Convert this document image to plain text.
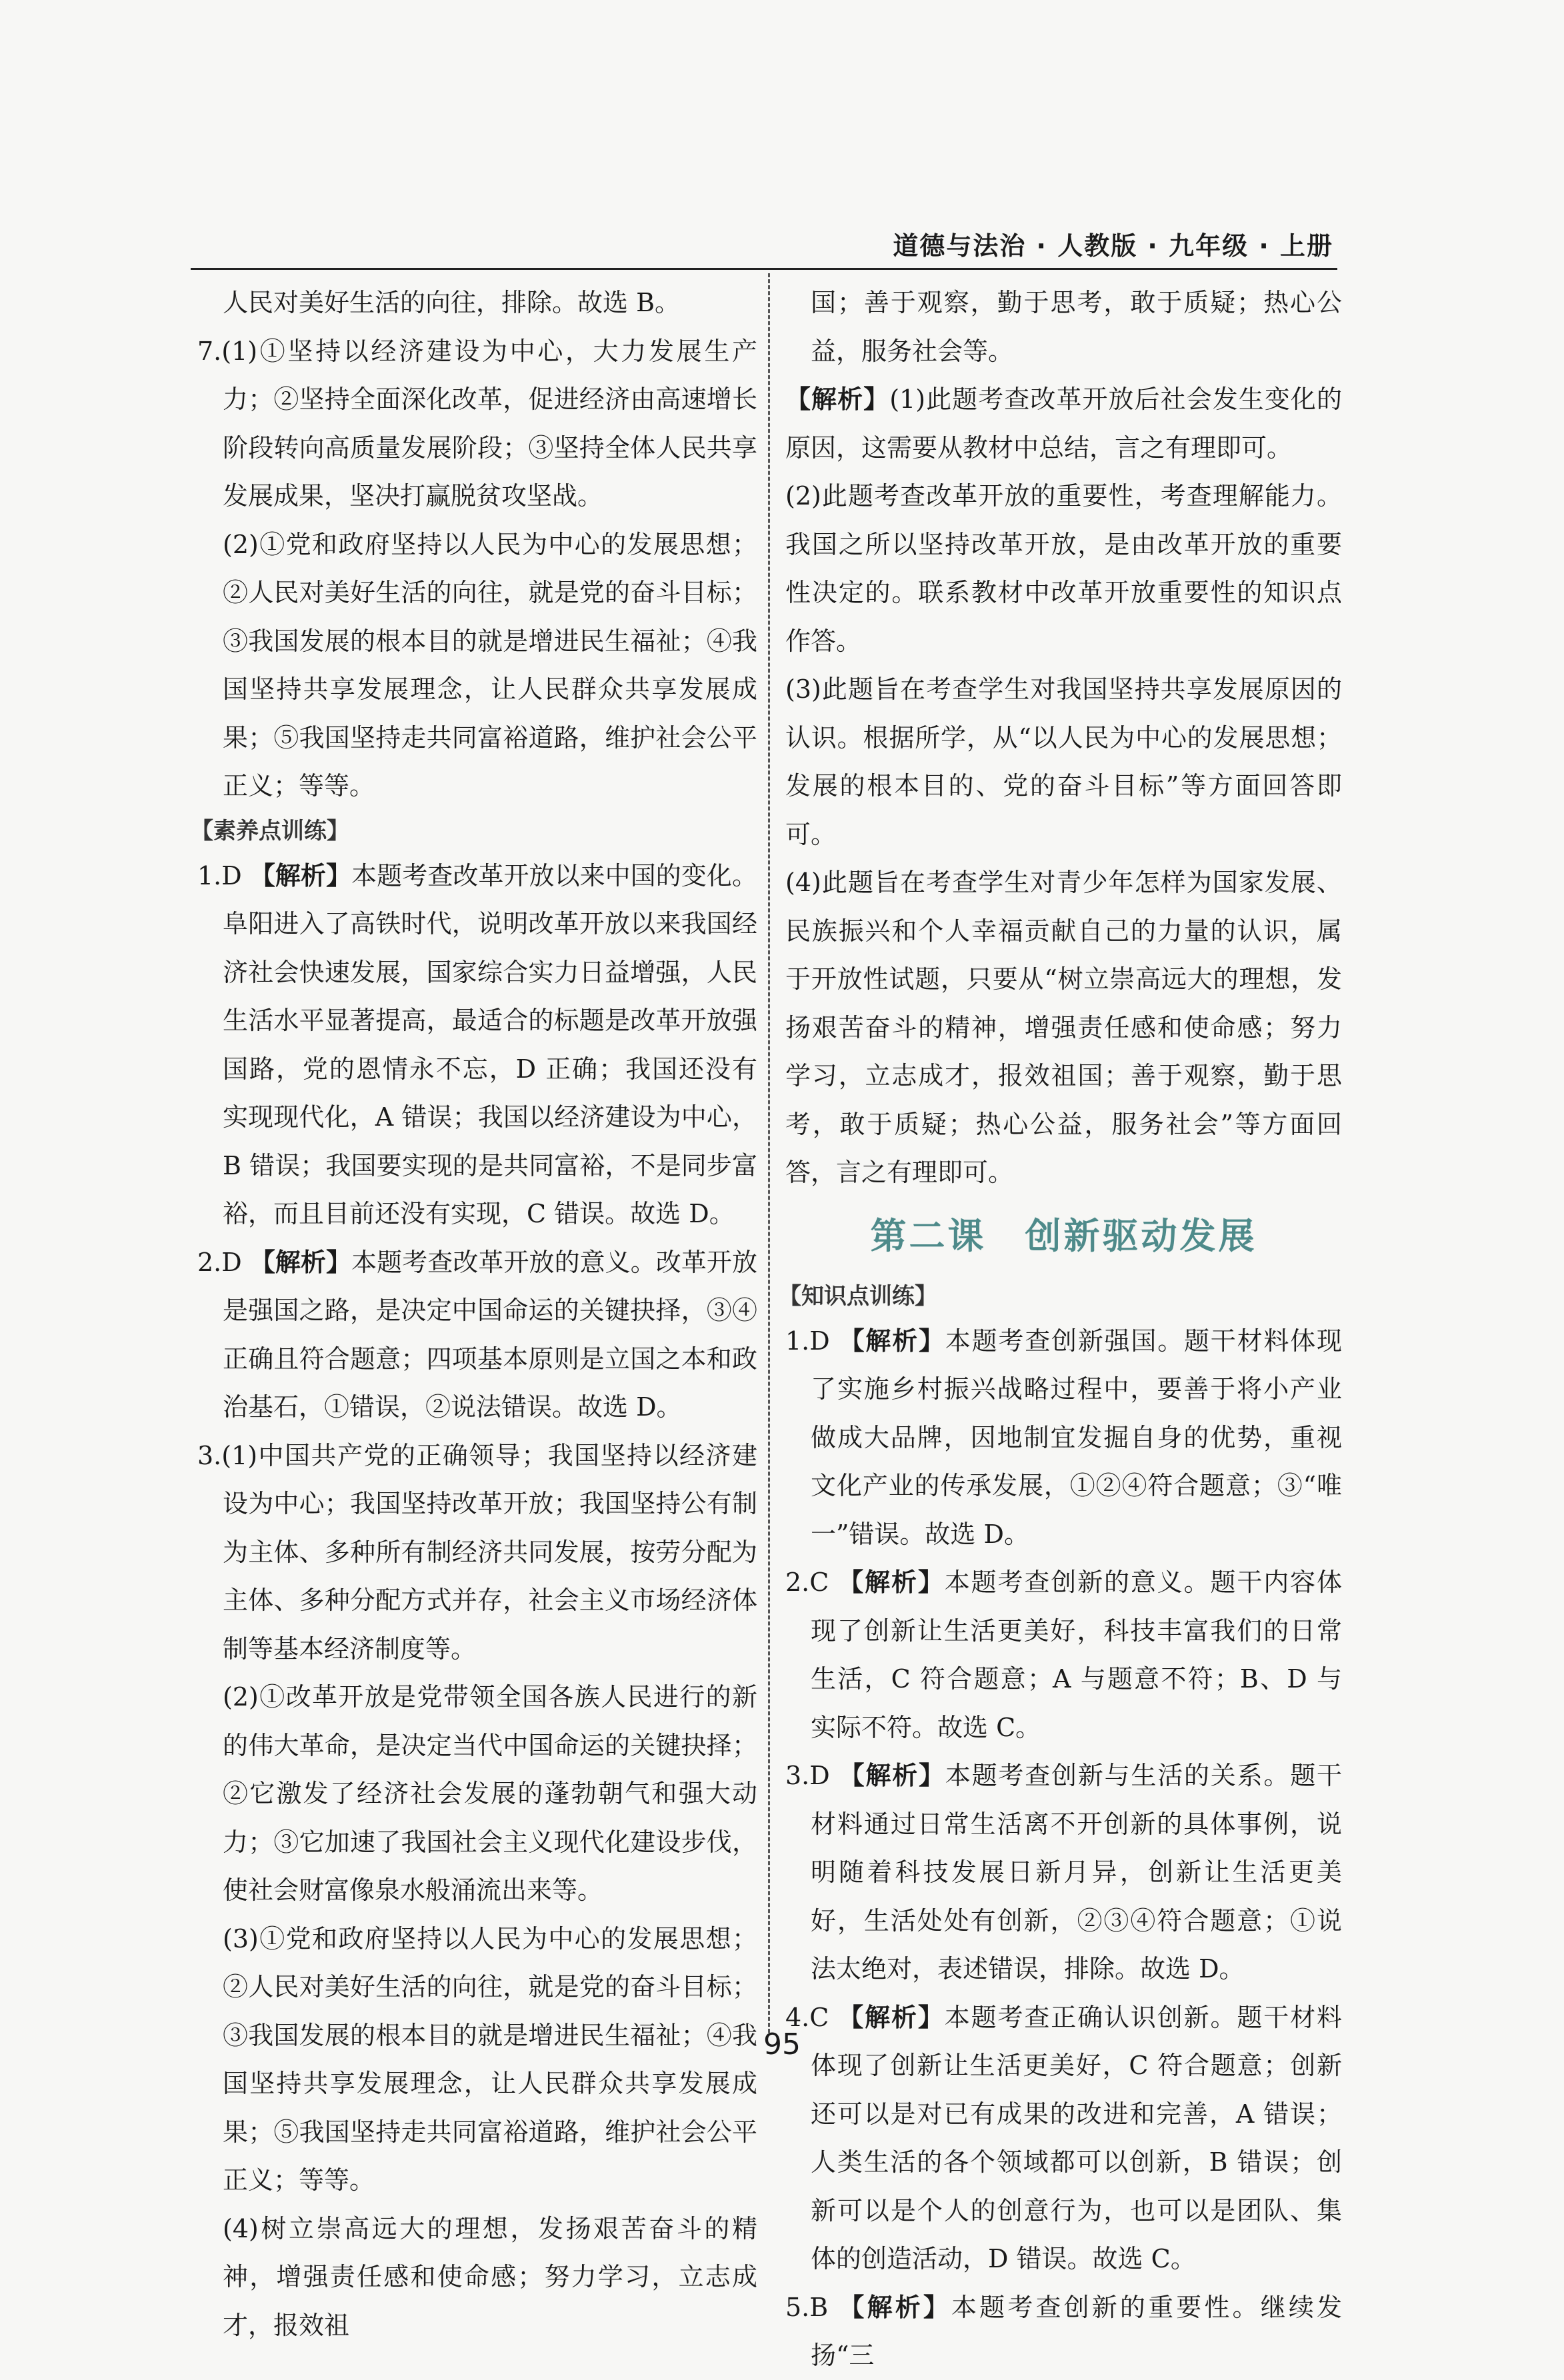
道德与法治 · 人教版 · 九年级 · 上册

人民对美好生活的向往，排除。故选 B。

7.(1)①坚持以经济建设为中心，大力发展生产力；②坚持全面深化改革，促进经济由高速增长阶段转向高质量发展阶段；③坚持全体人民共享发展成果，坚决打赢脱贫攻坚战。

(2)①党和政府坚持以人民为中心的发展思想；②人民对美好生活的向往，就是党的奋斗目标；③我国发展的根本目的就是增进民生福祉；④我国坚持共享发展理念，让人民群众共享发展成果；⑤我国坚持走共同富裕道路，维护社会公平正义；等等。

【素养点训练】

1.D 【解析】本题考查改革开放以来中国的变化。阜阳进入了高铁时代，说明改革开放以来我国经济社会快速发展，国家综合实力日益增强，人民生活水平显著提高，最适合的标题是改革开放强国路，党的恩情永不忘，D 正确；我国还没有实现现代化，A 错误；我国以经济建设为中心，B 错误；我国要实现的是共同富裕，不是同步富裕，而且目前还没有实现，C 错误。故选 D。

2.D 【解析】本题考查改革开放的意义。改革开放是强国之路，是决定中国命运的关键抉择，③④正确且符合题意；四项基本原则是立国之本和政治基石，①错误，②说法错误。故选 D。

3.(1)中国共产党的正确领导；我国坚持以经济建设为中心；我国坚持改革开放；我国坚持公有制为主体、多种所有制经济共同发展，按劳分配为主体、多种分配方式并存，社会主义市场经济体制等基本经济制度等。

(2)①改革开放是党带领全国各族人民进行的新的伟大革命，是决定当代中国命运的关键抉择；②它激发了经济社会发展的蓬勃朝气和强大动力；③它加速了我国社会主义现代化建设步伐，使社会财富像泉水般涌流出来等。

(3)①党和政府坚持以人民为中心的发展思想；②人民对美好生活的向往，就是党的奋斗目标；③我国发展的根本目的就是增进民生福祉；④我国坚持共享发展理念，让人民群众共享发展成果；⑤我国坚持走共同富裕道路，维护社会公平正义；等等。

(4)树立崇高远大的理想，发扬艰苦奋斗的精神，增强责任感和使命感；努力学习，立志成才，报效祖

国；善于观察，勤于思考，敢于质疑；热心公益，服务社会等。

【解析】(1)此题考查改革开放后社会发生变化的原因，这需要从教材中总结，言之有理即可。

(2)此题考查改革开放的重要性，考查理解能力。我国之所以坚持改革开放，是由改革开放的重要性决定的。联系教材中改革开放重要性的知识点作答。

(3)此题旨在考查学生对我国坚持共享发展原因的认识。根据所学，从“以人民为中心的发展思想；发展的根本目的、党的奋斗目标”等方面回答即可。

(4)此题旨在考查学生对青少年怎样为国家发展、民族振兴和个人幸福贡献自己的力量的认识，属于开放性试题，只要从“树立崇高远大的理想，发扬艰苦奋斗的精神，增强责任感和使命感；努力学习，立志成才，报效祖国；善于观察，勤于思考，敢于质疑；热心公益，服务社会”等方面回答，言之有理即可。

第二课　创新驱动发展

【知识点训练】

1.D 【解析】本题考查创新强国。题干材料体现了实施乡村振兴战略过程中，要善于将小产业做成大品牌，因地制宜发掘自身的优势，重视文化产业的传承发展，①②④符合题意；③“唯一”错误。故选 D。

2.C 【解析】本题考查创新的意义。题干内容体现了创新让生活更美好，科技丰富我们的日常生活，C 符合题意；A 与题意不符；B、D 与实际不符。故选 C。

3.D 【解析】本题考查创新与生活的关系。题干材料通过日常生活离不开创新的具体事例，说明随着科技发展日新月异，创新让生活更美好，生活处处有创新，②③④符合题意；①说法太绝对，表述错误，排除。故选 D。

4.C 【解析】本题考查正确认识创新。题干材料体现了创新让生活更美好，C 符合题意；创新还可以是对已有成果的改进和完善，A 错误；人类生活的各个领域都可以创新，B 错误；创新可以是个人的创意行为，也可以是团队、集体的创造活动，D 错误。故选 C。

5.B 【解析】本题考查创新的重要性。继续发扬“三

95
